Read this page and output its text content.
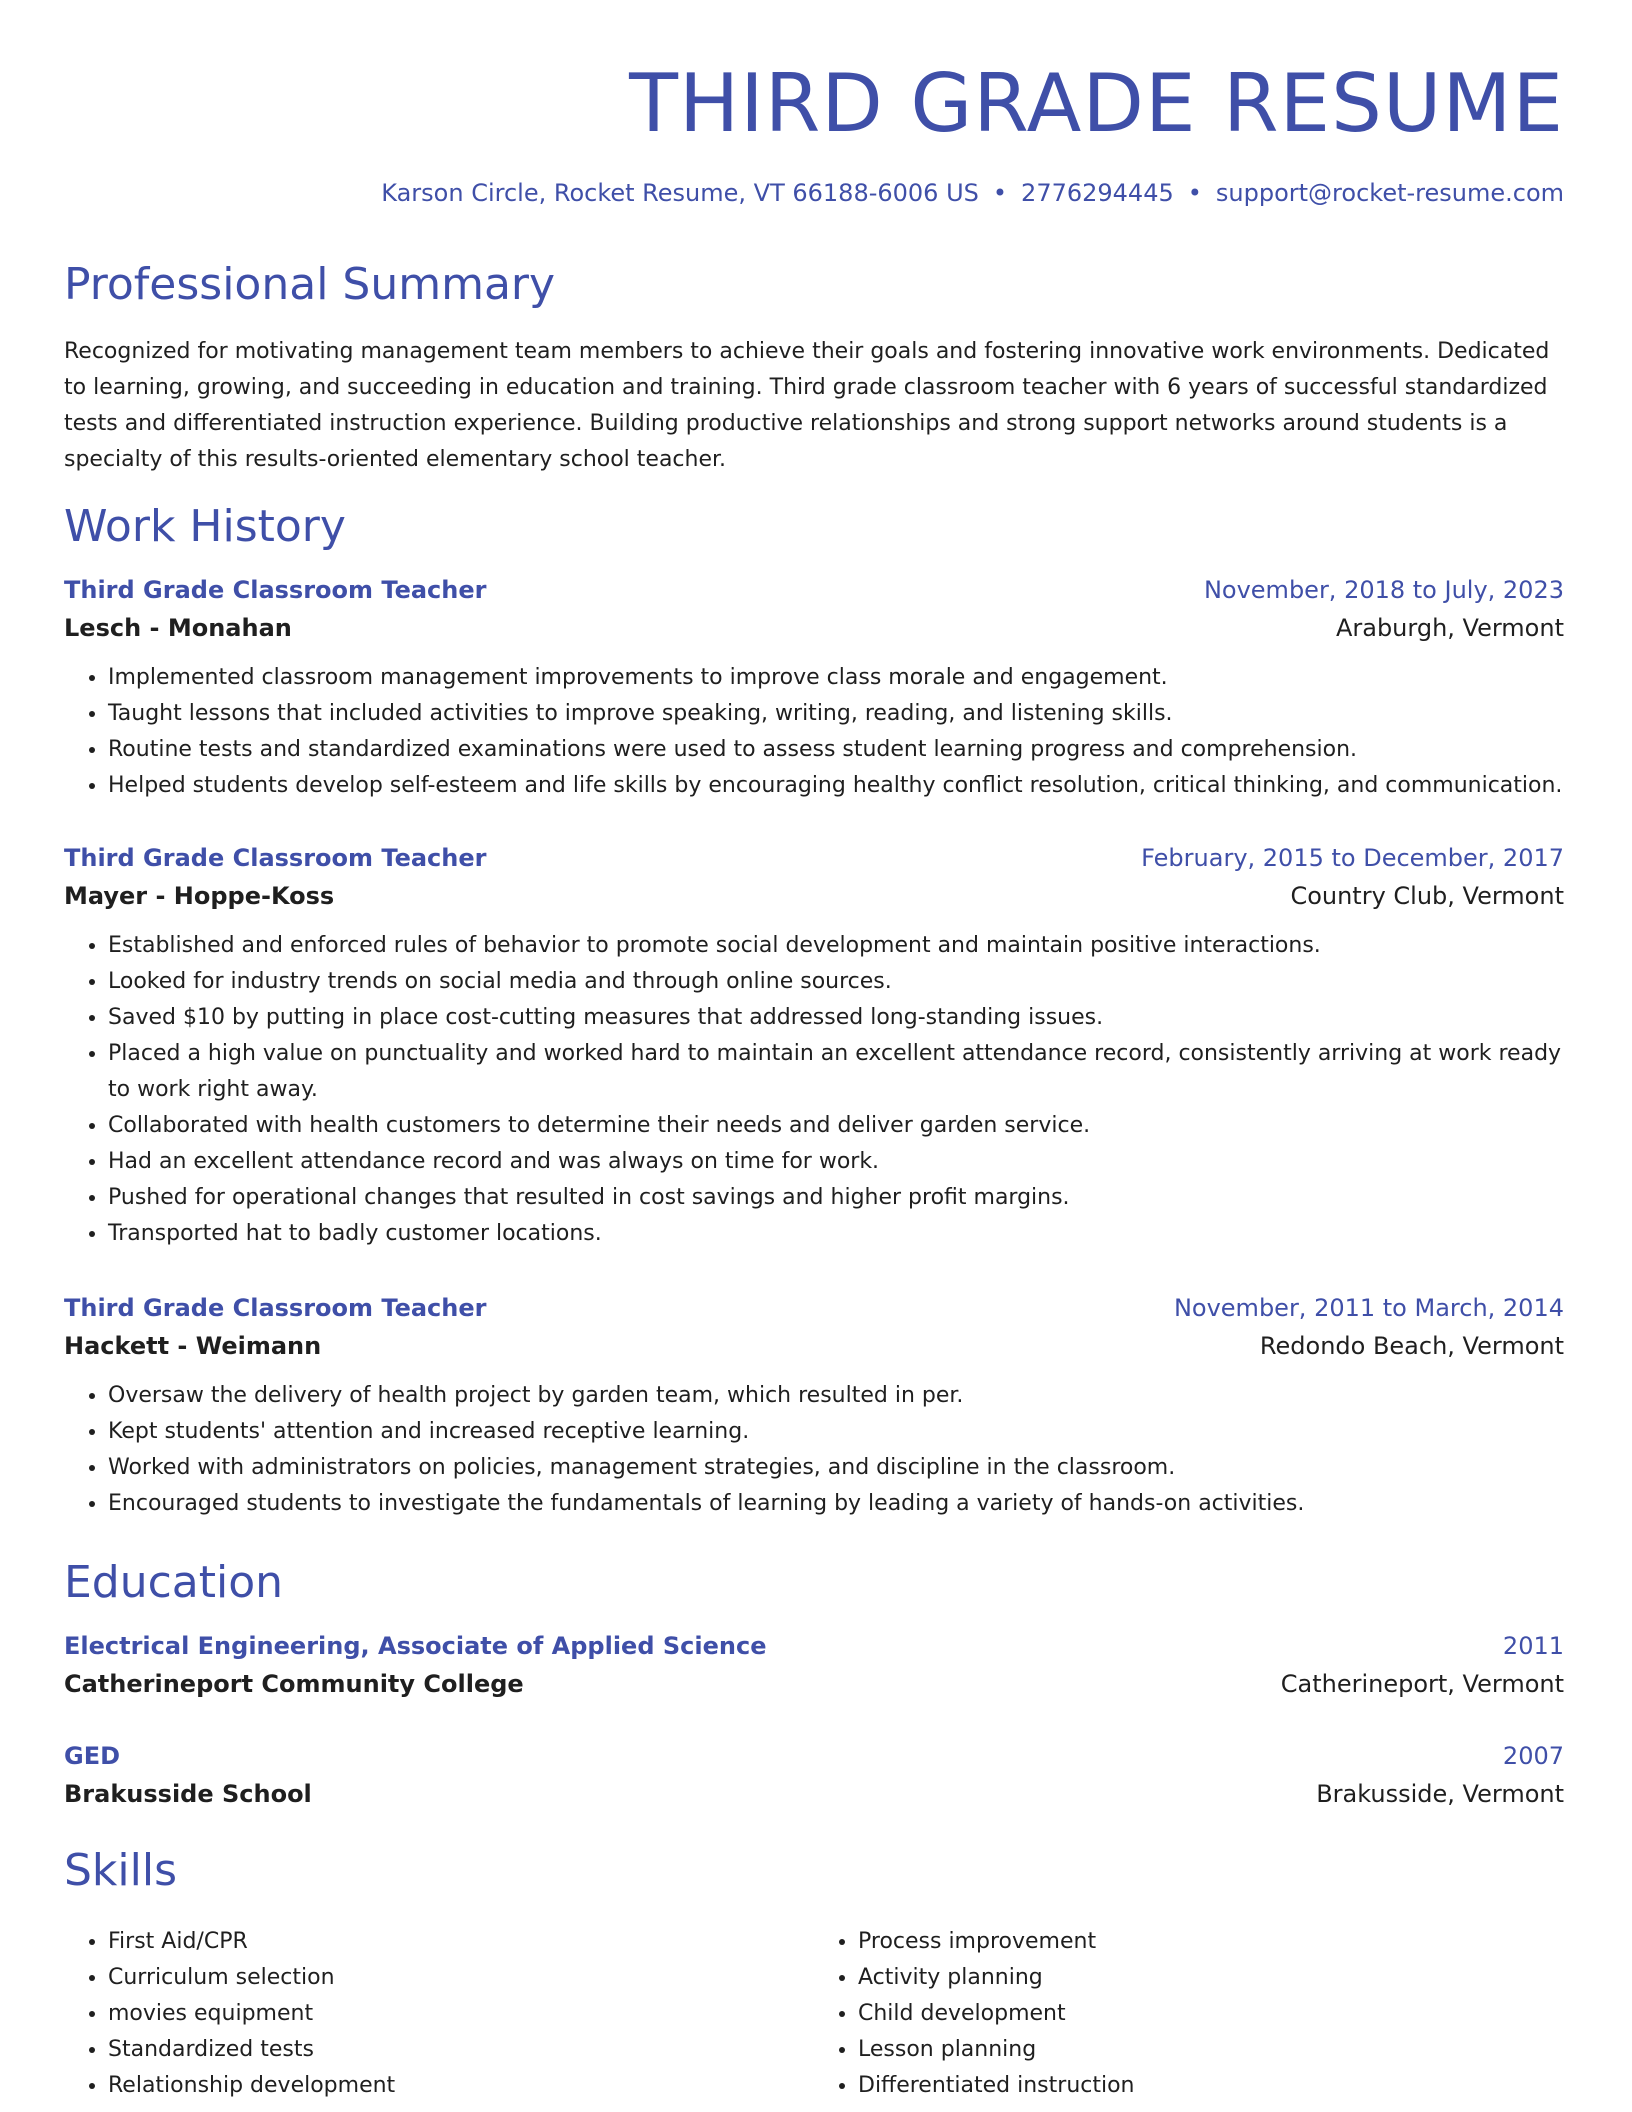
THIRD GRADE RESUME
Karson Circle, Rocket Resume, VT 66188-6006 US • 2776294445 • support@rocket-resume.com
Professional Summary

Recognized for motivating management team members to achieve their goals and fostering innovative work environments. Dedicated to learning, growing, and succeeding in education and training. Third grade classroom teacher with 6 years of successful standardized tests and differentiated instruction experience. Building productive relationships and strong support networks around students is a specialty of this results-oriented elementary school teacher.

Work History
Third Grade Classroom Teacher	November, 2018 to July, 2023
Lesch - Monahan	Araburgh, Vermont
• Implemented classroom management improvements to improve class morale and engagement.
• Taught lessons that included activities to improve speaking, writing, reading, and listening skills.
• Routine tests and standardized examinations were used to assess student learning progress and comprehension.
• Helped students develop self-esteem and life skills by encouraging healthy conflict resolution, critical thinking, and communication.
Third Grade Classroom Teacher	February, 2015 to December, 2017
Mayer - Hoppe-Koss	Country Club, Vermont
• Established and enforced rules of behavior to promote social development and maintain positive interactions.
• Looked for industry trends on social media and through online sources.
• Saved $10 by putting in place cost-cutting measures that addressed long-standing issues.
• Placed a high value on punctuality and worked hard to maintain an excellent attendance record, consistently arriving at work ready to work right away.
• Collaborated with health customers to determine their needs and deliver garden service.
• Had an excellent attendance record and was always on time for work.
• Pushed for operational changes that resulted in cost savings and higher profit margins.
• Transported hat to badly customer locations.
Third Grade Classroom Teacher	November, 2011 to March, 2014
Hackett - Weimann	Redondo Beach, Vermont
• Oversaw the delivery of health project by garden team, which resulted in per.
• Kept students' attention and increased receptive learning.
• Worked with administrators on policies, management strategies, and discipline in the classroom.
• Encouraged students to investigate the fundamentals of learning by leading a variety of hands-on activities.
Education
Electrical Engineering, Associate of Applied Science	2011
Catherineport Community College	Catherineport, Vermont
GED	2007
Brakusside School	Brakusside, Vermont
Skills
• First Aid/CPR
• Curriculum selection
• movies equipment
• Standardized tests
• Relationship development
• Process improvement
• Activity planning
• Child development
• Lesson planning
• Differentiated instruction
